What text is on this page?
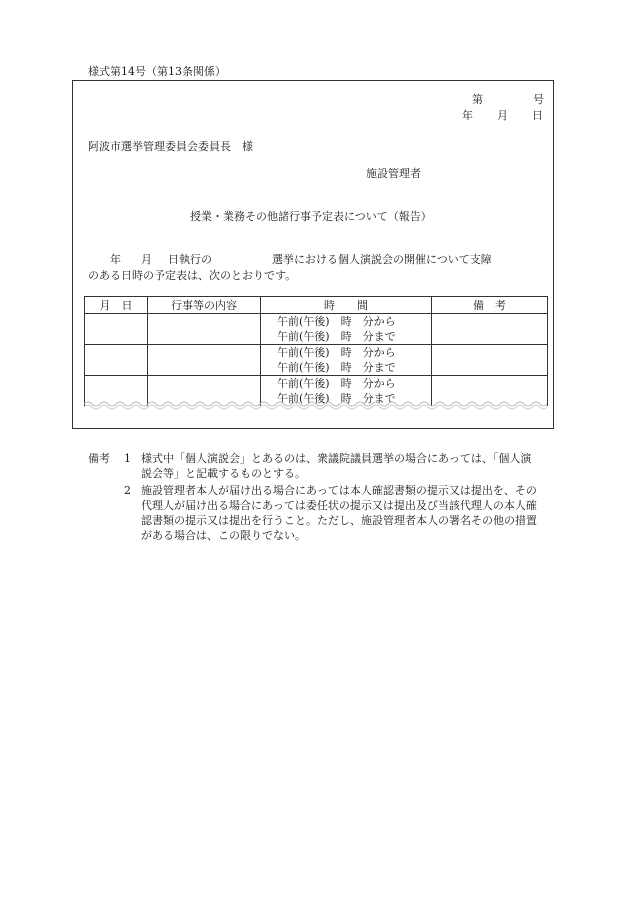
様式第14号（第13条関係）
第	号
年 月 日
阿波市選挙管理委員会委員長　様
施設管理者
授業・業務その他諸行事予定表について（報告）
年 月 日執行の	選挙における個人演説会の開催について支障
のある日時の予定表は、次のとおりです。
月　日	行事等の内容	時　　間	備　考

		午前(午後)　時　分から
午前(午後)　時　分まで	

		午前(午後)　時　分から
午前(午後)　時　分まで	

		午前(午後)　時　分から
午前(午後)　時　分まで	

備考 1 様式中「個人演説会」とあるのは、衆議院議員選挙の場合にあっては、「個人演説会等」と記載するものとする。
2 施設管理者本人が届け出る場合にあっては本人確認書類の提示又は提出を、その代理人が届け出る場合にあっては委任状の提示又は提出及び当該代理人の本人確認書類の提示又は提出を行うこと。ただし、施設管理者本人の署名その他の措置がある場合は、この限りでない。
